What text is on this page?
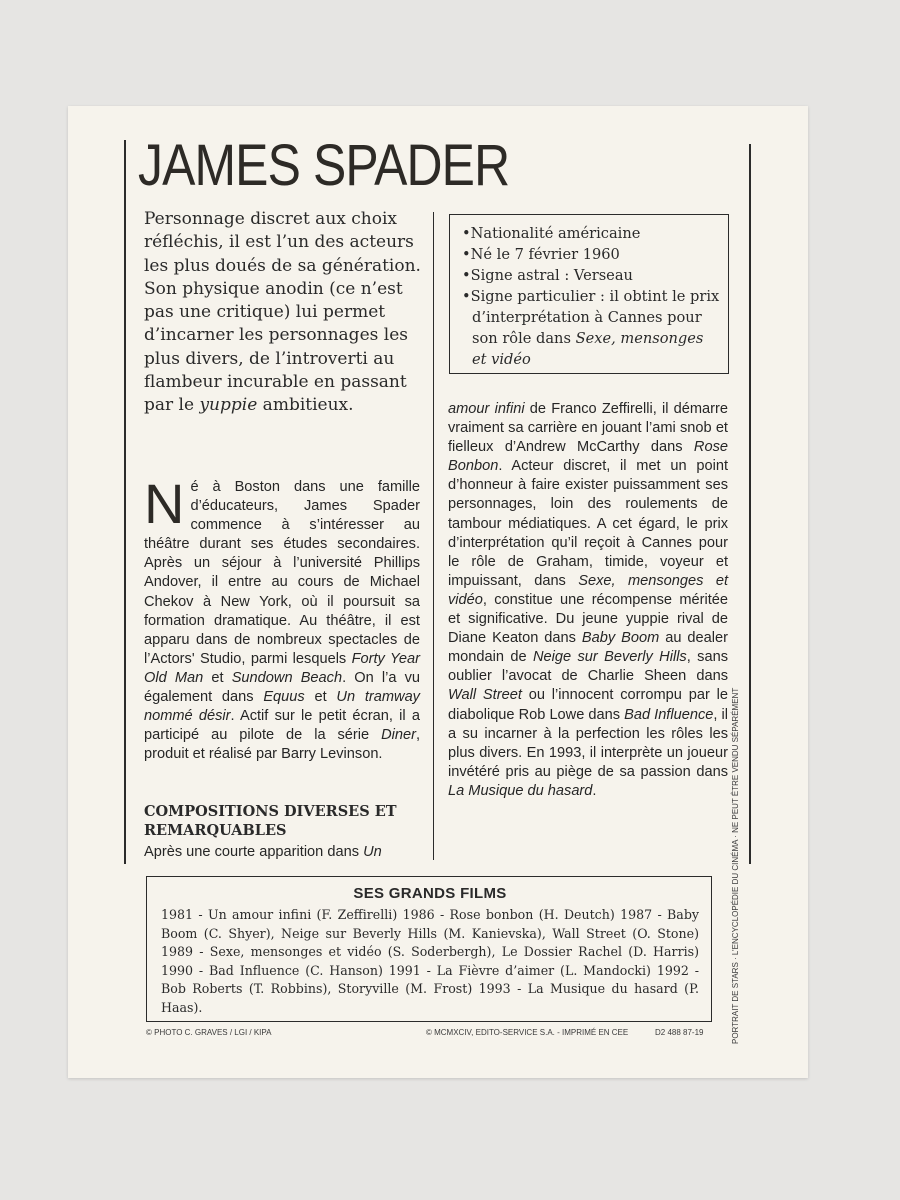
JAMES SPADER

Personnage discret aux choix réfléchis, il est l’un des acteurs les plus doués de sa génération. Son physique anodin (ce n’est pas une critique) lui permet d’incarner les personnages les plus divers, de l’introverti au flambeur incurable en passant par le yuppie ambitieux.

•Nationalité américaine
•Né le 7 février 1960
•Signe astral : Verseau
•Signe particulier : il obtint le prix d’interprétation à Cannes pour son rôle dans Sexe, mensonges et vidéo

Né à Boston dans une famille d’éducateurs, James Spader commence à s’intéresser au théâtre durant ses études secondaires. Après un séjour à l’université Phillips Andover, il entre au cours de Michael Chekov à New York, où il poursuit sa formation dramatique. Au théâtre, il est apparu dans de nombreux spectacles de l’Actors' Studio, parmi lesquels Forty Year Old Man et Sundown Beach. On l’a vu également dans Equus et Un tramway nommé désir. Actif sur le petit écran, il a participé au pilote de la série Diner, produit et réalisé par Barry Levinson.

COMPOSITIONS DIVERSES ET REMARQUABLES

Après une courte apparition dans Un

amour infini de Franco Zeffirelli, il démarre vraiment sa carrière en jouant l’ami snob et fielleux d’Andrew McCarthy dans Rose Bonbon. Acteur discret, il met un point d’honneur à faire exister puissamment ses personnages, loin des roulements de tambour médiatiques. A cet égard, le prix d’interprétation qu’il reçoit à Cannes pour le rôle de Graham, timide, voyeur et impuissant, dans Sexe, mensonges et vidéo, constitue une récompense méritée et significative. Du jeune yuppie rival de Diane Keaton dans Baby Boom au dealer mondain de Neige sur Beverly Hills, sans oublier l’avocat de Charlie Sheen dans Wall Street ou l’innocent corrompu par le diabolique Rob Lowe dans Bad Influence, il a su incarner à la perfection les rôles les plus divers. En 1993, il interprète un joueur invétéré pris au piège de sa passion dans La Musique du hasard.

SES GRANDS FILMS

1981 - Un amour infini (F. Zeffirelli) 1986 - Rose bonbon (H. Deutch) 1987 - Baby Boom (C. Shyer), Neige sur Beverly Hills (M. Kanievska), Wall Street (O. Stone) 1989 - Sexe, mensonges et vidéo (S. Soderbergh), Le Dossier Rachel (D. Harris) 1990 - Bad Influence (C. Hanson) 1991 - La Fièvre d’aimer (L. Mandocki) 1992 - Bob Roberts (T. Robbins), Storyville (M. Frost) 1993 - La Musique du hasard (P. Haas).

© PHOTO C. GRAVES / LGI / KIPA	© MCMXCIV, EDITO-SERVICE S.A. - IMPRIMÉ EN CEE	D2 488 87-19	PORTRAIT DE STARS · L’ENCYCLOPÉDIE DU CINÉMA · NE PEUT ÊTRE VENDU SÉPARÉMENT
